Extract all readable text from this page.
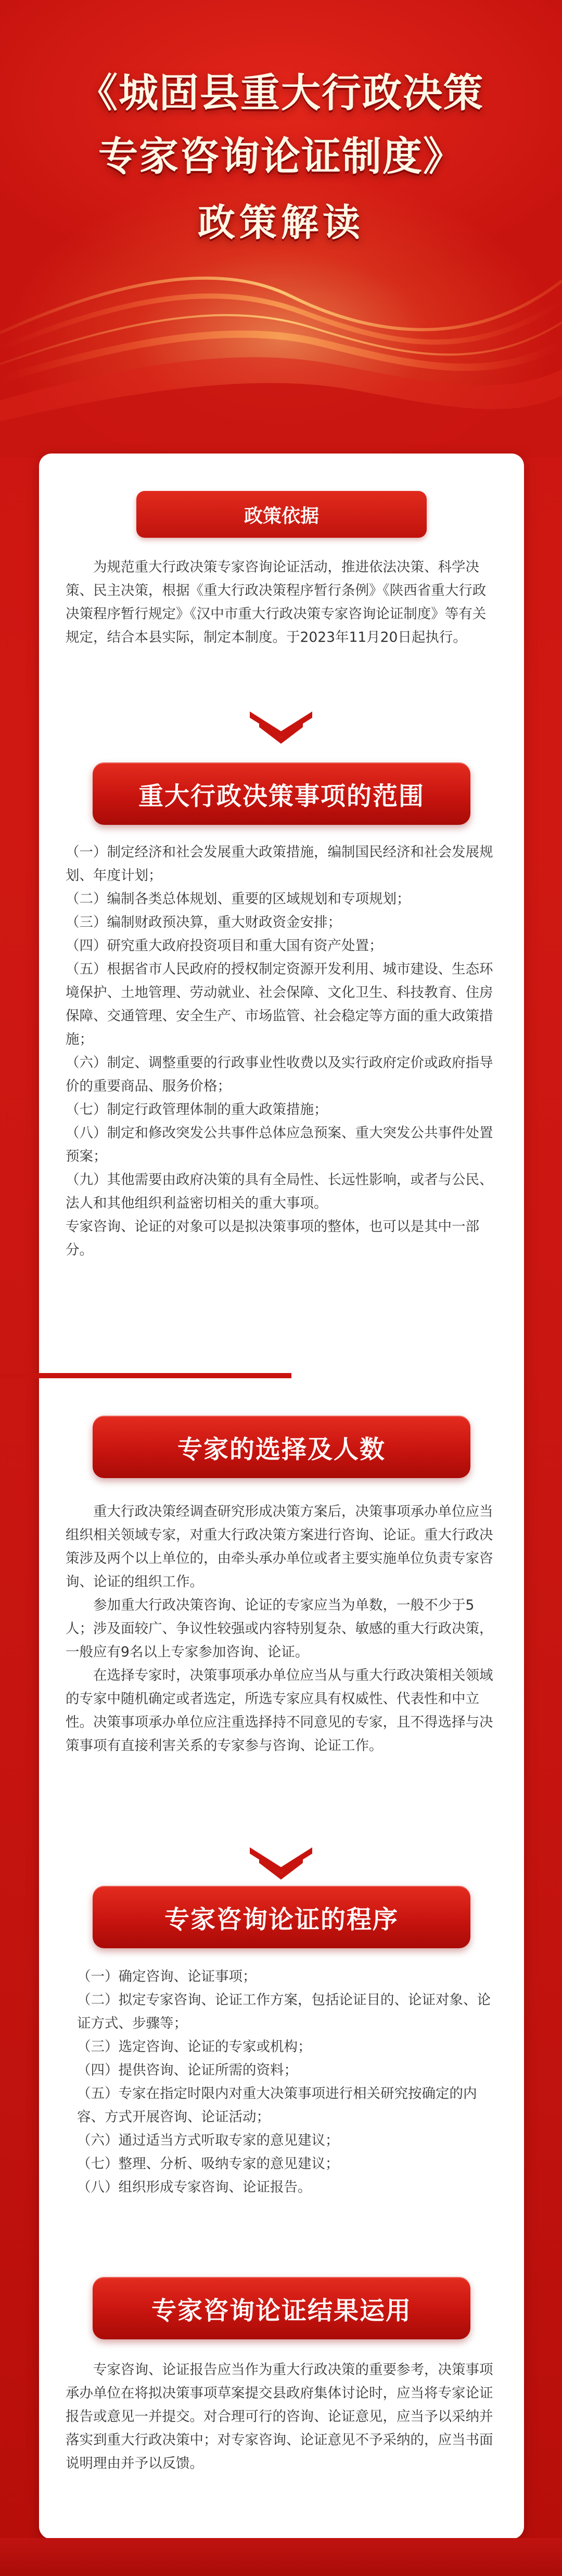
《城固县重大行政决策
专家咨询论证制度》
政策解读
政策依据

为规范重大行政决策专家咨询论证活动，推进依法决策、科学决策、民主决策，根据《重大行政决策程序暂行条例》《陕西省重大行政决策程序暂行规定》《汉中市重大行政决策专家咨询论证制度》等有关规定，结合本县实际，制定本制度。于2023年11月20日起执行。

重大行政决策事项的范围

（一）制定经济和社会发展重大政策措施，编制国民经济和社会发展规划、年度计划；

（二）编制各类总体规划、重要的区域规划和专项规划；

（三）编制财政预决算，重大财政资金安排；

（四）研究重大政府投资项目和重大国有资产处置；

（五）根据省市人民政府的授权制定资源开发利用、城市建设、生态环境保护、土地管理、劳动就业、社会保障、文化卫生、科技教育、住房保障、交通管理、安全生产、市场监管、社会稳定等方面的重大政策措施；

（六）制定、调整重要的行政事业性收费以及实行政府定价或政府指导价的重要商品、服务价格；

（七）制定行政管理体制的重大政策措施；

（八）制定和修改突发公共事件总体应急预案、重大突发公共事件处置预案；

（九）其他需要由政府决策的具有全局性、长远性影响，或者与公民、法人和其他组织利益密切相关的重大事项。

专家咨询、论证的对象可以是拟决策事项的整体，也可以是其中一部分。

专家的选择及人数

重大行政决策经调查研究形成决策方案后，决策事项承办单位应当组织相关领域专家，对重大行政决策方案进行咨询、论证。重大行政决策涉及两个以上单位的，由牵头承办单位或者主要实施单位负责专家咨询、论证的组织工作。

参加重大行政决策咨询、论证的专家应当为单数，一般不少于5人；涉及面较广、争议性较强或内容特别复杂、敏感的重大行政决策，一般应有9名以上专家参加咨询、论证。

在选择专家时，决策事项承办单位应当从与重大行政决策相关领域的专家中随机确定或者选定，所选专家应具有权威性、代表性和中立性。决策事项承办单位应注重选择持不同意见的专家，且不得选择与决策事项有直接利害关系的专家参与咨询、论证工作。

专家咨询论证的程序

（一）确定咨询、论证事项；

（二）拟定专家咨询、论证工作方案，包括论证目的、论证对象、论证方式、步骤等；

（三）选定咨询、论证的专家或机构；

（四）提供咨询、论证所需的资料；

（五）专家在指定时限内对重大决策事项进行相关研究按确定的内容、方式开展咨询、论证活动；

（六）通过适当方式听取专家的意见建议；

（七）整理、分析、吸纳专家的意见建议；

（八）组织形成专家咨询、论证报告。

专家咨询论证结果运用

专家咨询、论证报告应当作为重大行政决策的重要参考，决策事项承办单位在将拟决策事项草案提交县政府集体讨论时，应当将专家论证报告或意见一并提交。对合理可行的咨询、论证意见，应当予以采纳并落实到重大行政决策中；对专家咨询、论证意见不予采纳的，应当书面说明理由并予以反馈。
